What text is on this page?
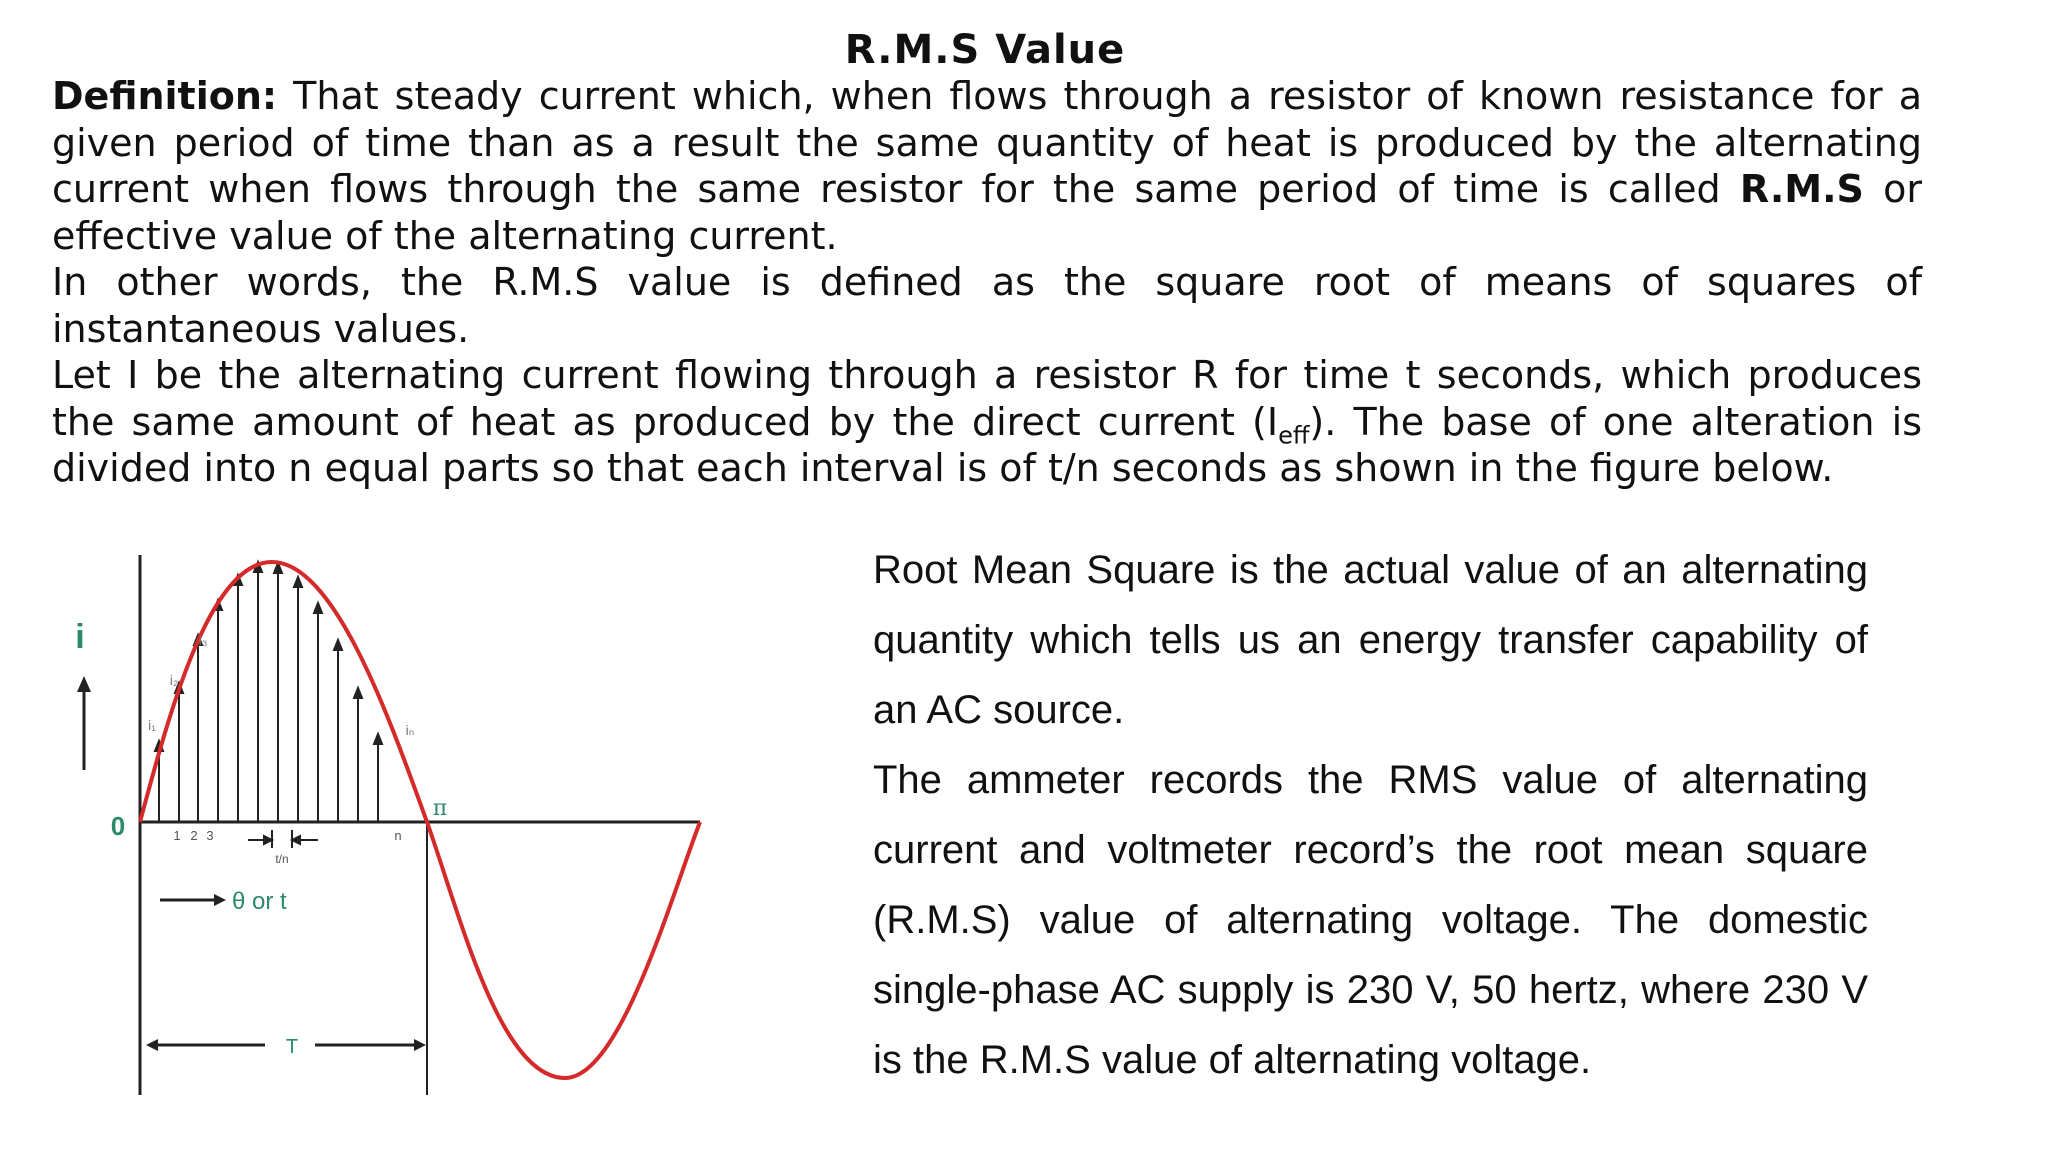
R.M.S Value

Definition: That steady current which, when flows through a resistor of known resistance for a given period of time than as a result the same quantity of heat is produced by the alternating current when flows through the same resistor for the same period of time is called R.M.S or effective value of the alternating current.

In other words, the R.M.S value is defined as the square root of means of squares of instantaneous values.

Let I be the alternating current flowing through a resistor R for time t seconds, which produces the same amount of heat as produced by the direct current $(I_{eff})$. The base of one alteration is divided into n equal parts so that each interval is of t/n seconds as shown in the figure below.

i
0
i₁
i₂
i₃
iₙ
π
1 2 3	n
t/n
θ or t
T

Root Mean Square is the actual value of an alternating quantity which tells us an energy transfer capability of an AC source.

The ammeter records the RMS value of alternating current and voltmeter record’s the root mean square (R.M.S) value of alternating voltage. The domestic single-phase AC supply is 230 V, 50 hertz, where 230 V is the R.M.S value of alternating voltage.
